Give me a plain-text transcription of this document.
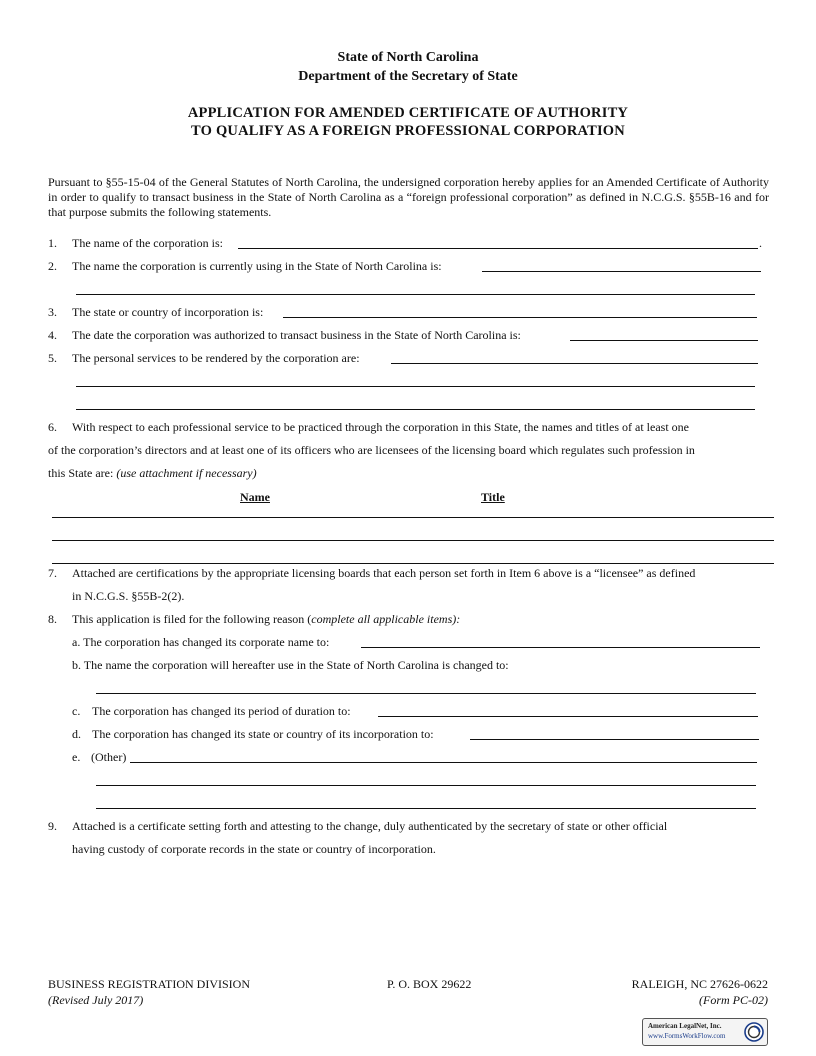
State of North Carolina
Department of the Secretary of State
APPLICATION FOR AMENDED CERTIFICATE OF AUTHORITY
TO QUALIFY AS A FOREIGN PROFESSIONAL CORPORATION
Pursuant to §55-15-04 of the General Statutes of North Carolina, the undersigned corporation hereby applies for an Amended Certificate of Authority in order to qualify to transact business in the State of North Carolina as a “foreign professional corporation” as defined in N.C.G.S. §55B-16 and for that purpose submits the following statements.
1. The name of the corporation is:	.
2. The name the corporation is currently using in the State of North Carolina is:
3. The state or country of incorporation is:
4. The date the corporation was authorized to transact business in the State of North Carolina is:
5. The personal services to be rendered by the corporation are:
6. With respect to each professional service to be practiced through the corporation in this State, the names and titles of at least one
of the corporation’s directors and at least one of its officers who are licensees of the licensing board which regulates such profession in
this State are: (use attachment if necessary)
Name	Title
7. Attached are certifications by the appropriate licensing boards that each person set forth in Item 6 above is a “licensee” as defined
in N.C.G.S. §55B-2(2).
8. This application is filed for the following reason (complete all applicable items):
a. The corporation has changed its corporate name to:
b. The name the corporation will hereafter use in the State of North Carolina is changed to:
c. The corporation has changed its period of duration to:
d. The corporation has changed its state or country of its incorporation to:
e. (Other)
9. Attached is a certificate setting forth and attesting to the change, duly authenticated by the secretary of state or other official
having custody of corporate records in the state or country of incorporation.
BUSINESS REGISTRATION DIVISION	P. O. BOX 29622	RALEIGH, NC 27626-0622
(Revised July 2017)	(Form PC-02)
American LegalNet, Inc.
www.FormsWorkFlow.com
